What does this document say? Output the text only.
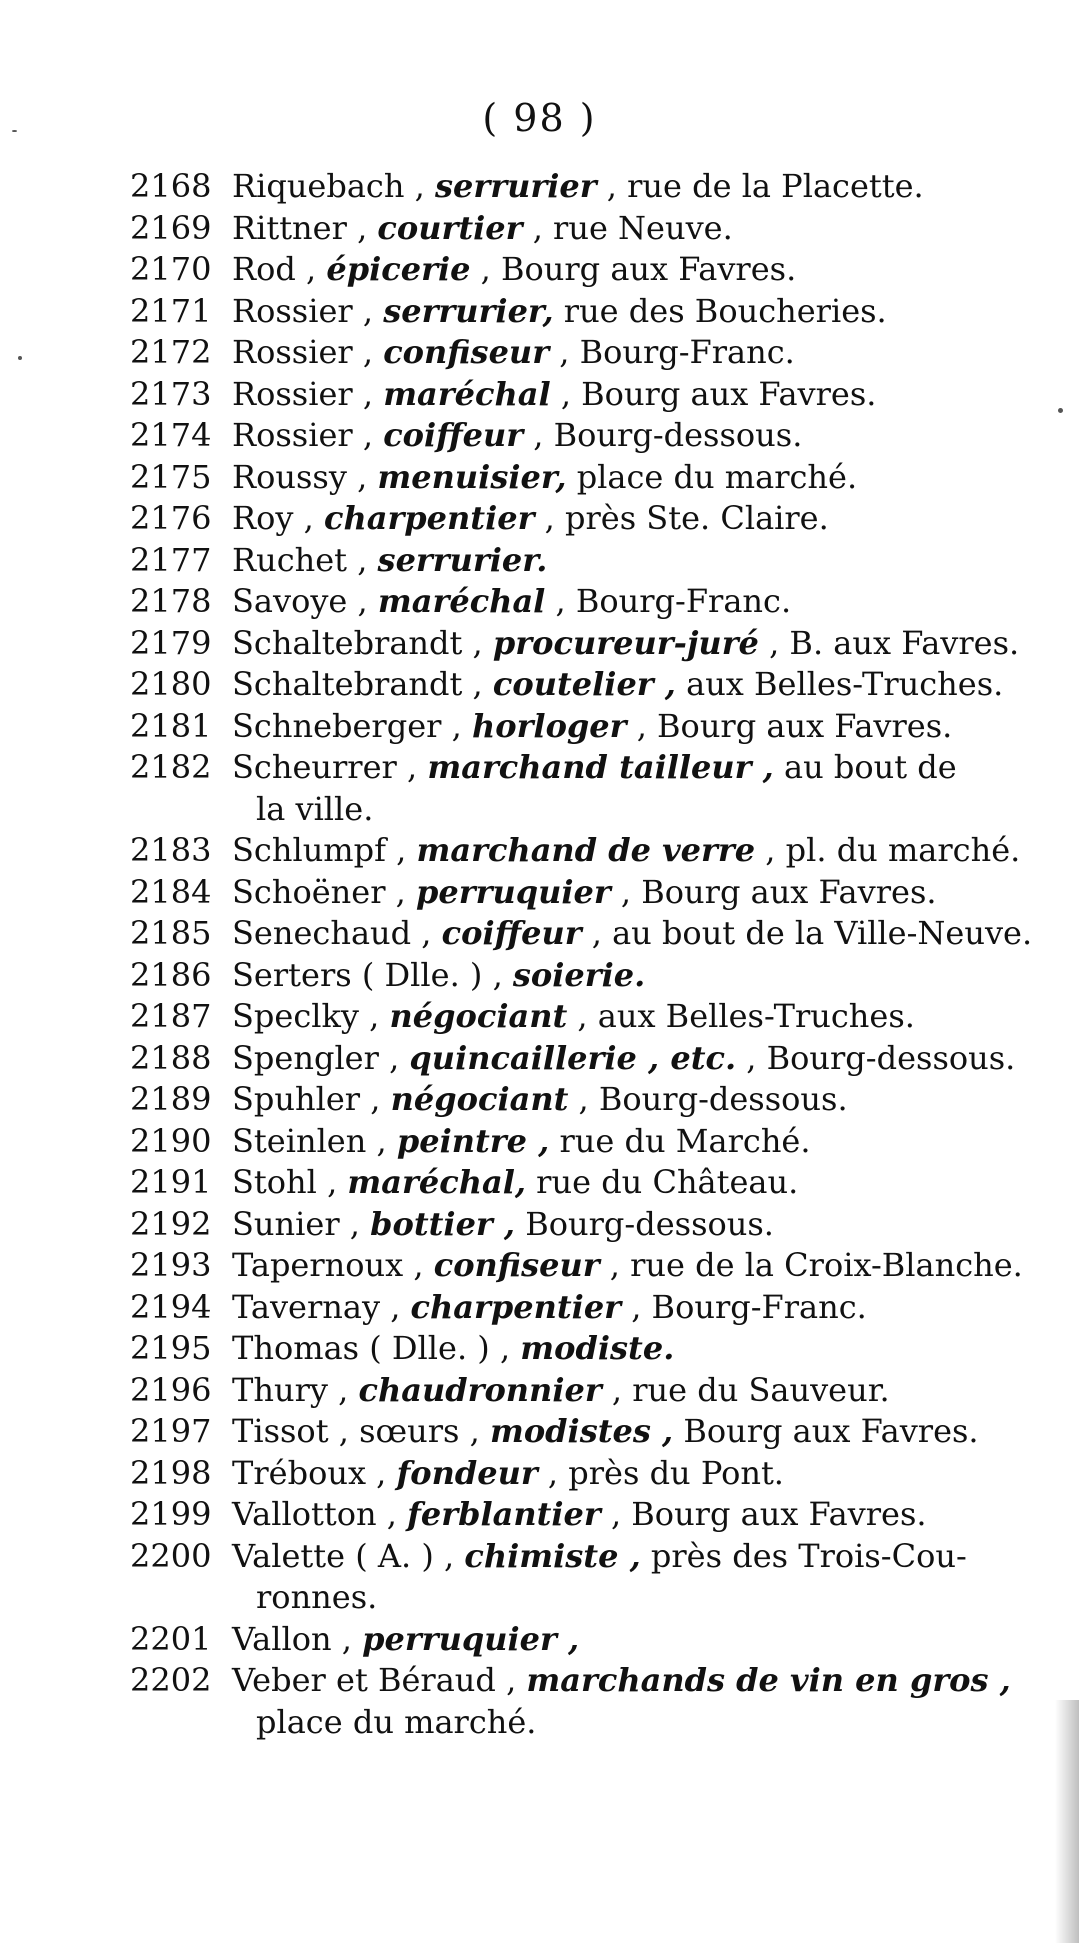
( 98 )
2168 Riquebach , serrurier , rue de la Placette.
2169 Rittner , courtier , rue Neuve.
2170 Rod , épicerie , Bourg aux Favres.
2171 Rossier , serrurier, rue des Boucheries.
2172 Rossier , confiseur , Bourg-Franc.
2173 Rossier , maréchal , Bourg aux Favres.
2174 Rossier , coiffeur , Bourg-dessous.
2175 Roussy , menuisier, place du marché.
2176 Roy , charpentier , près Ste. Claire.
2177 Ruchet , serrurier.
2178 Savoye , maréchal , Bourg-Franc.
2179 Schaltebrandt , procureur-juré , B. aux Favres.
2180 Schaltebrandt , coutelier , aux Belles-Truches.
2181 Schneberger , horloger , Bourg aux Favres.
2182 Scheurrer , marchand tailleur , au bout de
la ville.
2183 Schlumpf , marchand de verre , pl. du marché.
2184 Schoëner , perruquier , Bourg aux Favres.
2185 Senechaud , coiffeur , au bout de la Ville-Neuve.
2186 Serters ( Dlle. ) , soierie.
2187 Speclky , négociant , aux Belles-Truches.
2188 Spengler , quincaillerie , etc. , Bourg-dessous.
2189 Spuhler , négociant , Bourg-dessous.
2190 Steinlen , peintre , rue du Marché.
2191 Stohl , maréchal, rue du Château.
2192 Sunier , bottier , Bourg-dessous.
2193 Tapernoux , confiseur , rue de la Croix-Blanche.
2194 Tavernay , charpentier , Bourg-Franc.
2195 Thomas ( Dlle. ) , modiste.
2196 Thury , chaudronnier , rue du Sauveur.
2197 Tissot , sœurs , modistes , Bourg aux Favres.
2198 Tréboux , fondeur , près du Pont.
2199 Vallotton , ferblantier , Bourg aux Favres.
2200 Valette ( A. ) , chimiste , près des Trois-Cou-
ronnes.
2201 Vallon , perruquier ,
2202 Veber et Béraud , marchands de vin en gros ,
place du marché.
